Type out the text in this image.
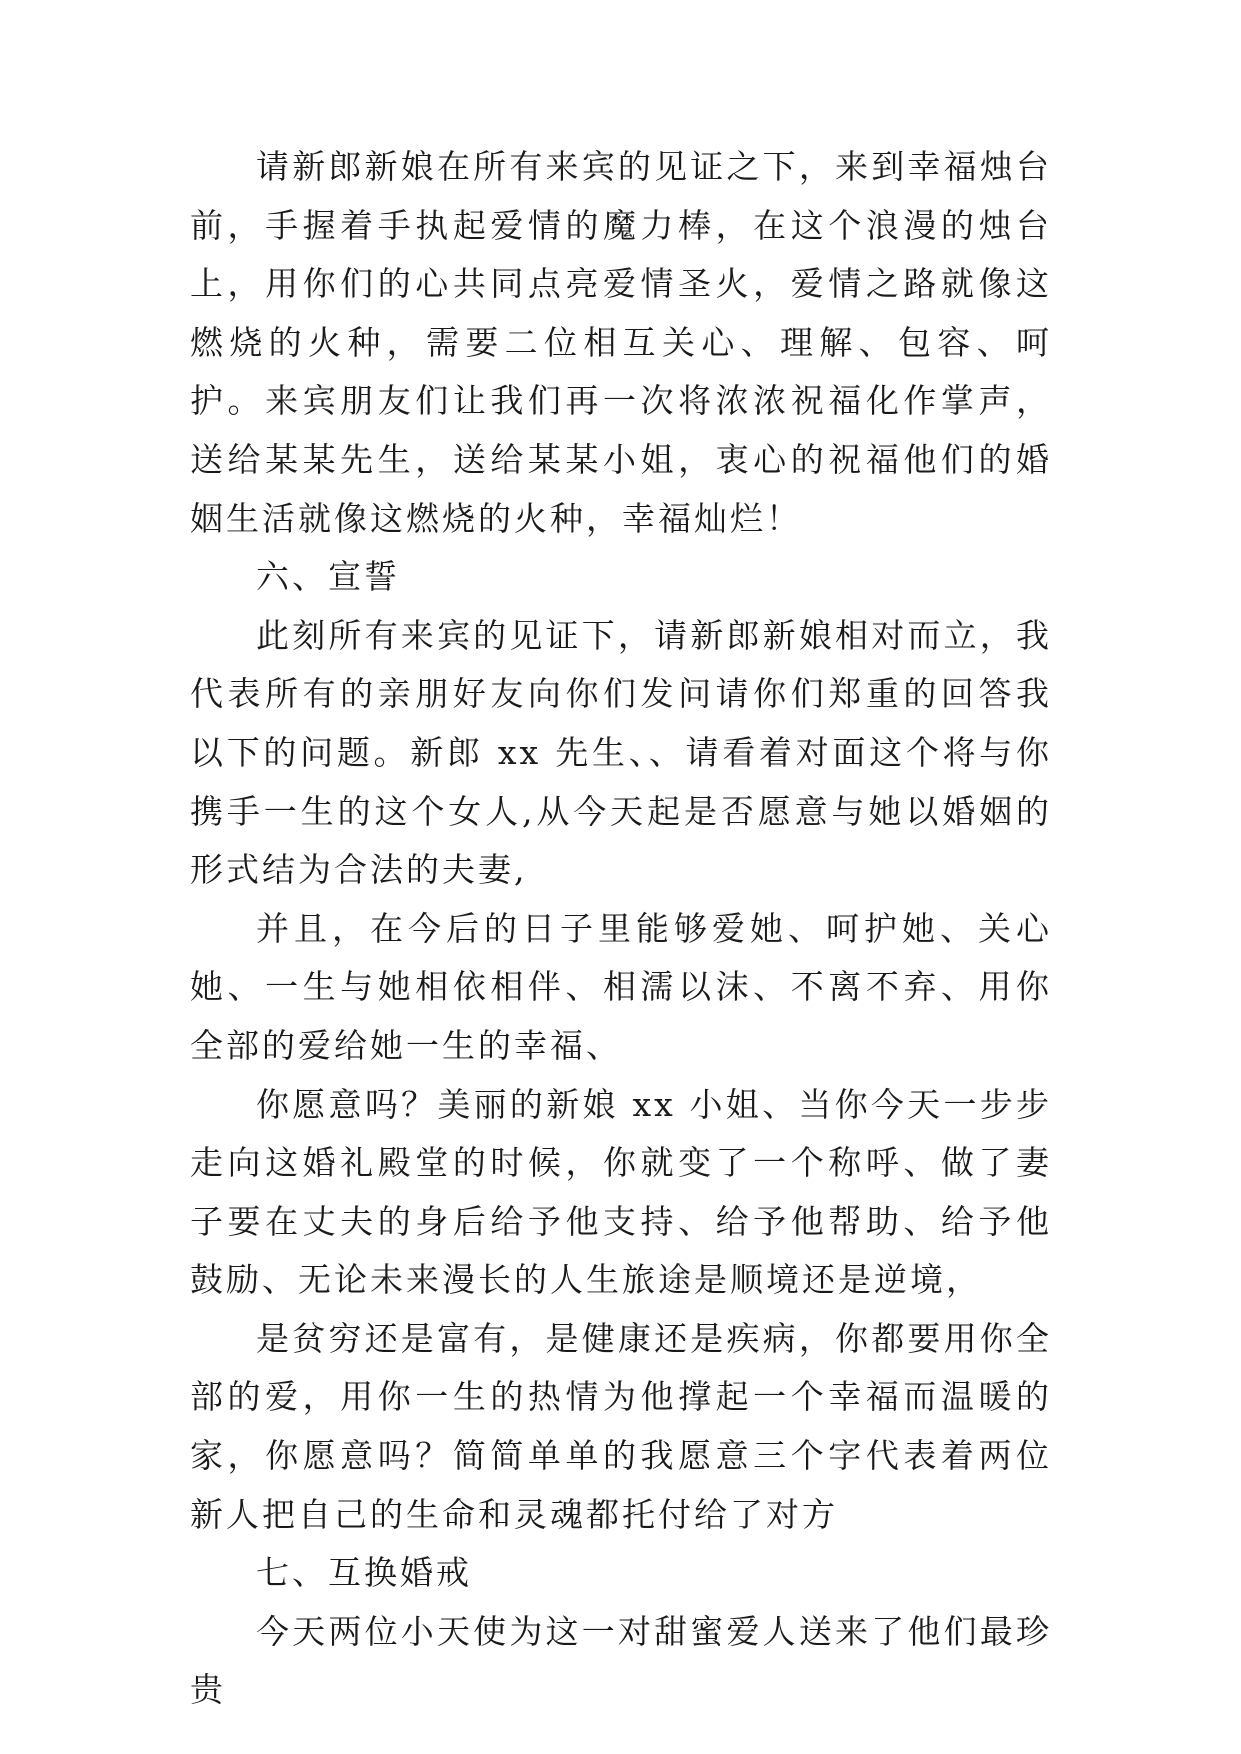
请新郎新娘在所有来宾的见证之下，来到幸福烛台前，手握着手执起爱情的魔力棒，在这个浪漫的烛台上，用你们的心共同点亮爱情圣火，爱情之路就像这燃烧的火种，需要二位相互关心、理解、包容、呵护。来宾朋友们让我们再一次将浓浓祝福化作掌声，送给某某先生，送给某某小姐，衷心的祝福他们的婚姻生活就像这燃烧的火种，幸福灿烂！

六、宣誓

此刻所有来宾的见证下，请新郎新娘相对而立，我代表所有的亲朋好友向你们发问请你们郑重的回答我以下的问题。新郎 xx 先生、、请看着对面这个将与你携手一生的这个女人,从今天起是否愿意与她以婚姻的形式结为合法的夫妻,

并且，在今后的日子里能够爱她、呵护她、关心她、一生与她相依相伴、相濡以沫、不离不弃、用你全部的爱给她一生的幸福、

你愿意吗？美丽的新娘 xx 小姐、当你今天一步步走向这婚礼殿堂的时候，你就变了一个称呼、做了妻子要在丈夫的身后给予他支持、给予他帮助、给予他鼓励、无论未来漫长的人生旅途是顺境还是逆境，

是贫穷还是富有，是健康还是疾病，你都要用你全部的爱，用你一生的热情为他撑起一个幸福而温暖的家，你愿意吗？简简单单的我愿意三个字代表着两位新人把自己的生命和灵魂都托付给了对方

七、互换婚戒

今天两位小天使为这一对甜蜜爱人送来了他们最珍贵
